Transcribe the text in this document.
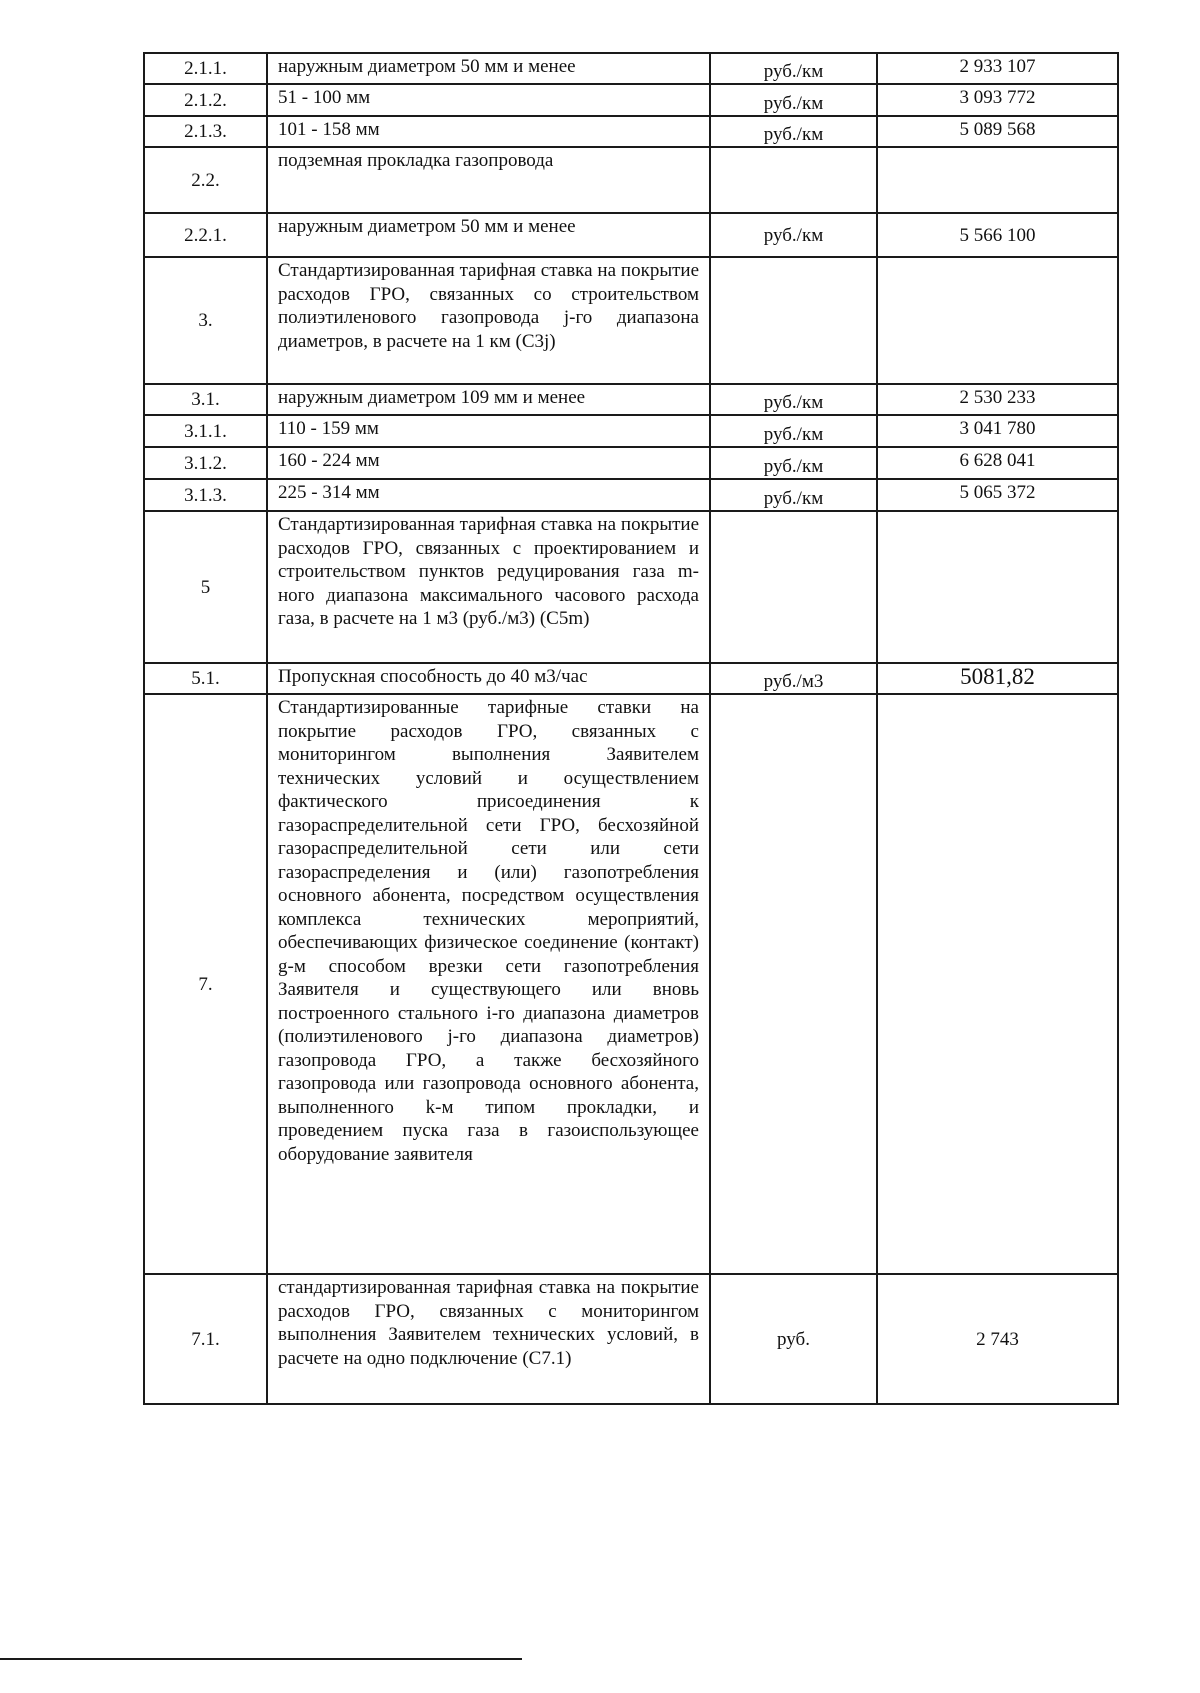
2.1.1.	наружным диаметром 50 мм и менее	руб./км	2 933 107
2.1.2.	51 - 100 мм	руб./км	3 093 772
2.1.3.	101 - 158 мм	руб./км	5 089 568
2.2.	подземная прокладка газопровода		
2.2.1.	наружным диаметром 50 мм и менее	руб./км	5 566 100
3.	Стандартизированная тарифная ставка на покрытие расходов ГРО, связанных со строительством полиэтиленового газопровода j-го диапазона диаметров, в расчете на 1 км (C3j)		
3.1.	наружным диаметром 109 мм и менее	руб./км	2 530 233
3.1.1.	110 - 159 мм	руб./км	3 041 780
3.1.2.	160 - 224 мм	руб./км	6 628 041
3.1.3.	225 - 314 мм	руб./км	5 065 372
5	Стандартизированная тарифная ставка на покрытие расходов ГРО, связанных с проектированием и строительством пунктов редуцирования газа m-ного диапазона максимального часового расхода газа, в расчете на 1 м3 (руб./м3) (C5m)		
5.1.	Пропускная способность до 40 м3/час	руб./м3	5081,82
7.	Стандартизированные тарифные ставки на покрытие расходов ГРО, связанных с мониторингом выполнения Заявителем технических условий и осуществлением фактического присоединения к газораспределительной сети ГРО, бесхозяйной газораспределительной сети или сети газораспределения и (или) газопотребления основного абонента, посредством осуществления комплекса технических мероприятий, обеспечивающих физическое соединение (контакт) g-м способом врезки сети газопотребления Заявителя и существующего или вновь построенного стального i-го диапазона диаметров (полиэтиленового j-го диапазона диаметров) газопровода ГРО, а также бесхозяйного газопровода или газопровода основного абонента, выполненного k-м типом прокладки, и проведением пуска газа в газоиспользующее оборудование заявителя		
7.1.	стандартизированная тарифная ставка на покрытие расходов ГРО, связанных с мониторингом выполнения Заявителем технических условий, в расчете на одно подключение (C7.1)	руб.	2 743
